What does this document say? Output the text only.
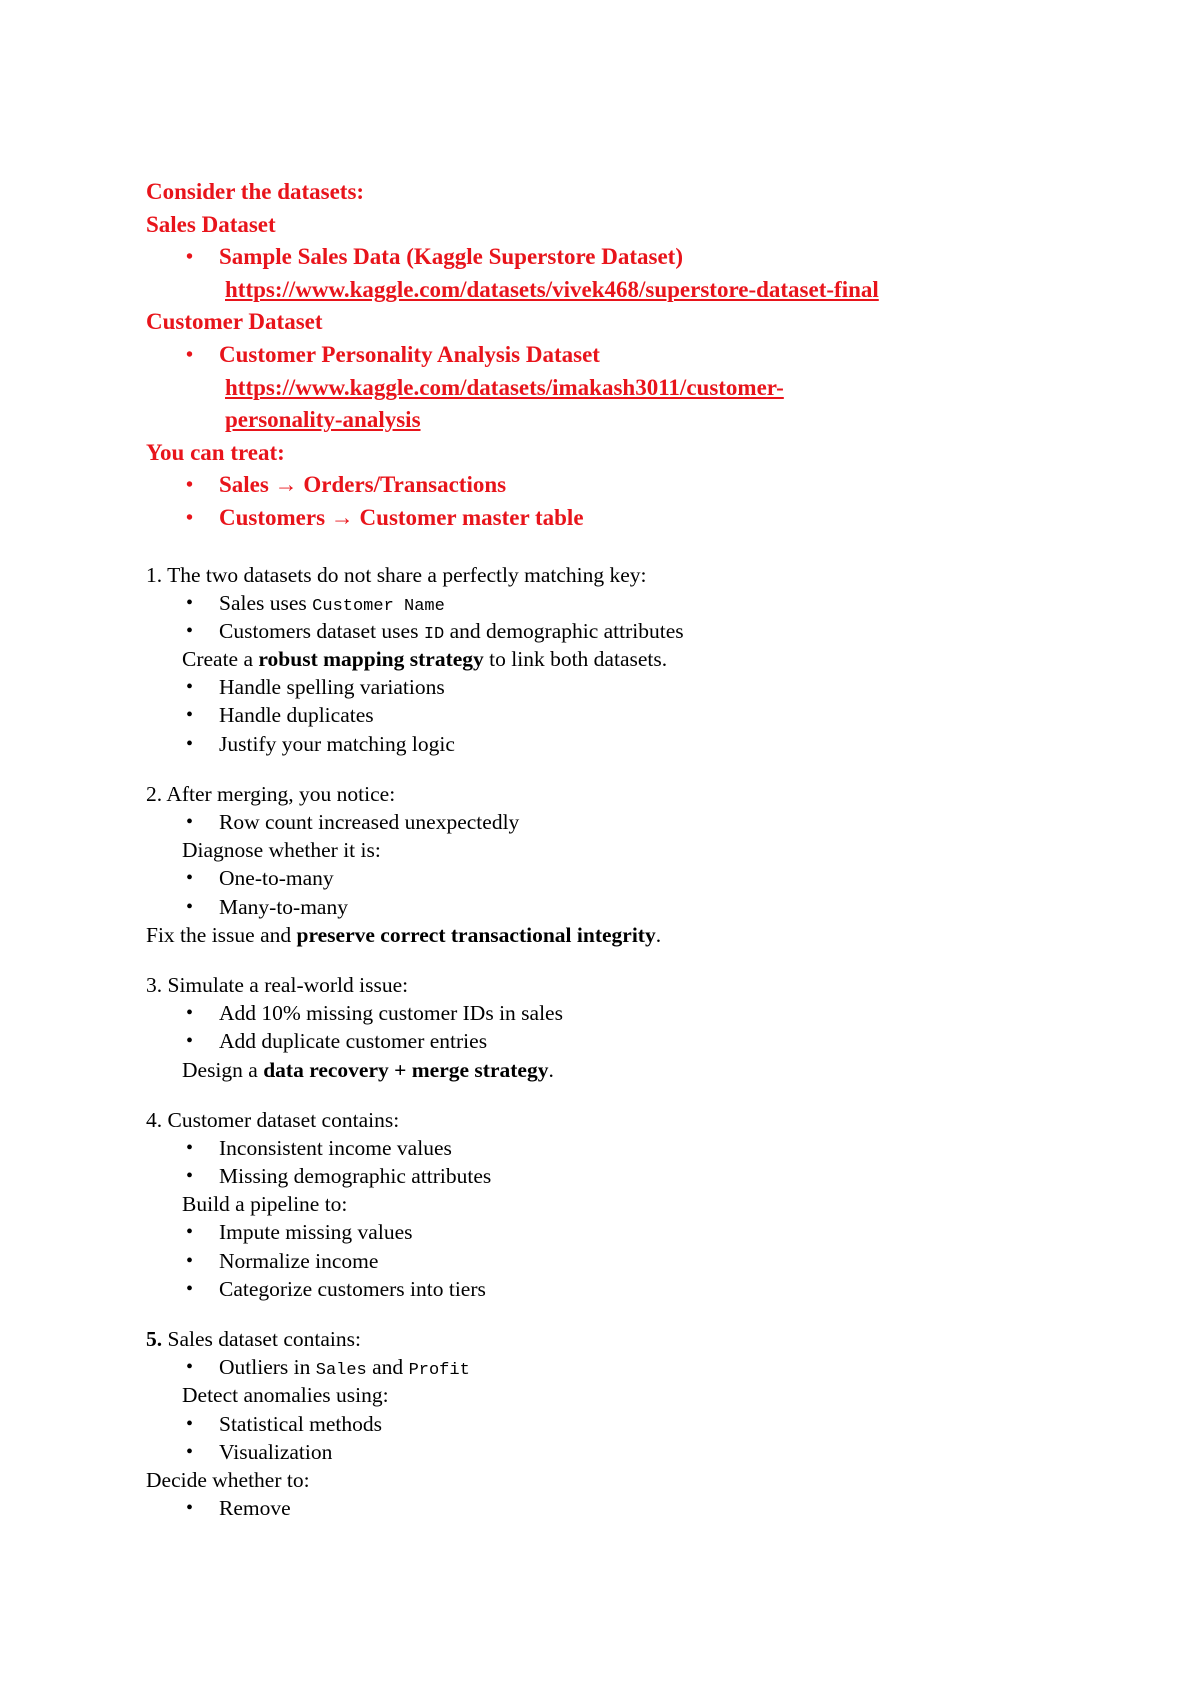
Consider the datasets:
Sales Dataset
• Sample Sales Data (Kaggle Superstore Dataset)
https://www.kaggle.com/datasets/vivek468/superstore-dataset-final
Customer Dataset
• Customer Personality Analysis Dataset
https://www.kaggle.com/datasets/imakash3011/customer-
personality-analysis
You can treat:
• Sales → Orders/Transactions
• Customers → Customer master table
1. The two datasets do not share a perfectly matching key:
• Sales uses Customer Name
• Customers dataset uses ID and demographic attributes
Create a robust mapping strategy to link both datasets.
• Handle spelling variations
• Handle duplicates
• Justify your matching logic
2. After merging, you notice:
• Row count increased unexpectedly
Diagnose whether it is:
• One-to-many
• Many-to-many
Fix the issue and preserve correct transactional integrity.
3. Simulate a real-world issue:
• Add 10% missing customer IDs in sales
• Add duplicate customer entries
Design a data recovery + merge strategy.
4. Customer dataset contains:
• Inconsistent income values
• Missing demographic attributes
Build a pipeline to:
• Impute missing values
• Normalize income
• Categorize customers into tiers
5. Sales dataset contains:
• Outliers in Sales and Profit
Detect anomalies using:
• Statistical methods
• Visualization
Decide whether to:
• Remove
